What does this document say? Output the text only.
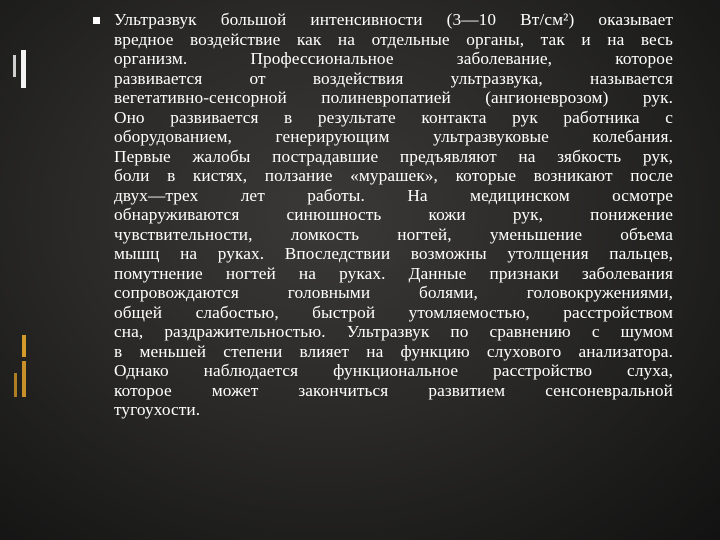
Ультразвук большой интенсивности (3—10 Вт/см²) оказывает
вредное воздействие как на отдельные органы, так и на весь
организм. Профессиональное заболевание, которое
развивается от воздействия ультразвука, называется
вегетативно-сенсорной полиневропатией (ангионеврозом) рук.
Оно развивается в результате контакта рук работника с
оборудованием, генерирующим ультразвуковые колебания.
Первые жалобы пострадавшие предъявляют на зябкость рук,
боли в кистях, ползание «мурашек», которые возникают после
двух—трех лет работы. На медицинском осмотре
обнаруживаются синюшность кожи рук, понижение
чувствительности, ломкость ногтей, уменьшение объема
мышц на руках. Впоследствии возможны утолщения пальцев,
помутнение ногтей на руках. Данные признаки заболевания
сопровождаются головными болями, головокружениями,
общей слабостью, быстрой утомляемостью, расстройством
сна, раздражительностью. Ультразвук по сравнению с шумом
в меньшей степени влияет на функцию слухового анализатора.
Однако наблюдается функциональное расстройство слуха,
которое может закончиться развитием сенсоневральной
тугоухости.
